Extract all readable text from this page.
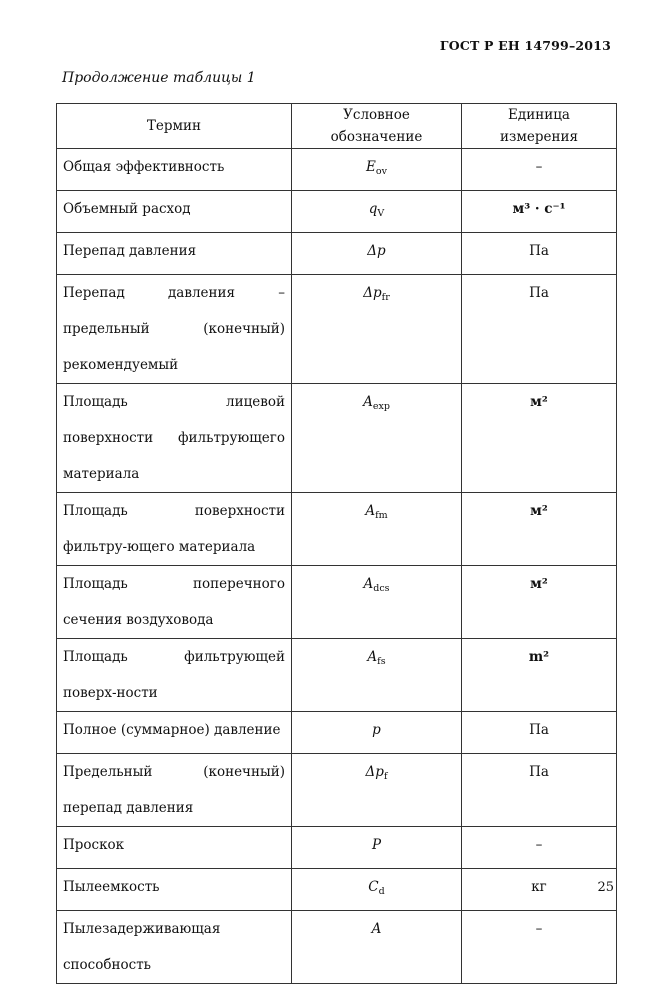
ГОСТ Р ЕН 14799–2013
Продолжение таблицы 1
Термин	Условное обозначение	Единица измерения
Общая эффективность	$E_{ov}$	–
Объемный расход	$q_V$	м³ · с⁻¹
Перепад давления	Δp	Па
Перепад давления – предельный (конечный) рекомендуемый	$\Delta p_{fr}$	Па
Площадь лицевой поверхности фильтрующего материала	$A_{exp}$	м²
Площадь поверхности фильтру-ющего материала	$A_{fm}$	м²
Площадь поперечного сечения воздуховода	$A_{dcs}$	м²
Площадь фильтрующей поверх-ности	$A_{fs}$	m²
Полное (суммарное) давление	p	Па
Предельный (конечный) перепад давления	$\Delta p_f$	Па
Проскок	P	–
Пылеемкость	$C_d$	кг
Пылезадерживающая способность	A	–
25
